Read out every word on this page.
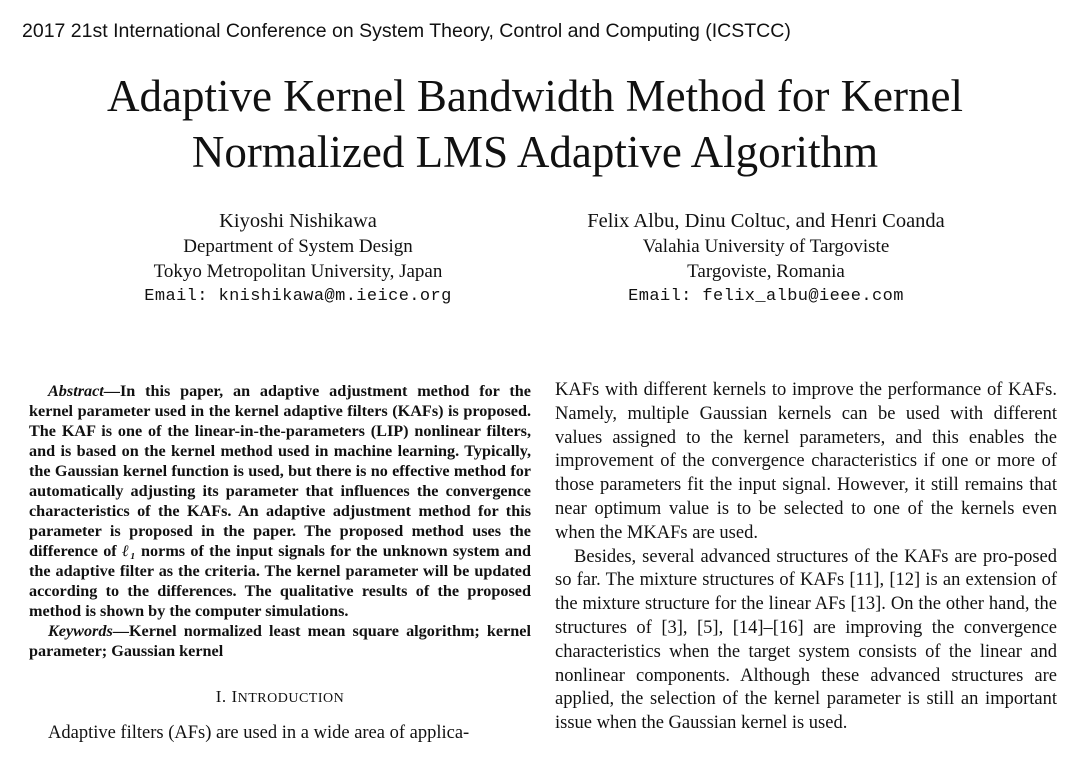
2017 21st International Conference on System Theory, Control and Computing (ICSTCC)
Adaptive Kernel Bandwidth Method for Kernel
Normalized LMS Adaptive Algorithm
Kiyoshi Nishikawa
Department of System Design
Tokyo Metropolitan University, Japan
Email: knishikawa@m.ieice.org
Felix Albu, Dinu Coltuc, and Henri Coanda
Valahia University of Targoviste
Targoviste, Romania
Email: felix_albu@ieee.com

Abstract—In this paper, an adaptive adjustment method for the kernel parameter used in the kernel adaptive filters (KAFs) is proposed. The KAF is one of the linear-in-the-parameters (LIP) nonlinear filters, and is based on the kernel method used in machine learning. Typically, the Gaussian kernel function is used, but there is no effective method for automatically adjusting its parameter that influences the convergence characteristics of the KAFs. An adaptive adjustment method for this parameter is proposed in the paper. The proposed method uses the difference of ℓ₁ norms of the input signals for the unknown system and the adaptive filter as the criteria. The kernel parameter will be updated according to the differences. The qualitative results of the proposed method is shown by the computer simulations.

Keywords—Kernel normalized least mean square algorithm; kernel parameter; Gaussian kernel

I. INTRODUCTION

Adaptive filters (AFs) are used in a wide area of applica-

KAFs with different kernels to improve the performance of KAFs. Namely, multiple Gaussian kernels can be used with different values assigned to the kernel parameters, and this enables the improvement of the convergence characteristics if one or more of those parameters fit the input signal. However, it still remains that near optimum value is to be selected to one of the kernels even when the MKAFs are used.

Besides, several advanced structures of the KAFs are pro-posed so far. The mixture structures of KAFs [11], [12] is an extension of the mixture structure for the linear AFs [13]. On the other hand, the structures of [3], [5], [14]–[16] are improving the convergence characteristics when the target system consists of the linear and nonlinear components. Although these advanced structures are applied, the selection of the kernel parameter is still an important issue when the Gaussian kernel is used.
